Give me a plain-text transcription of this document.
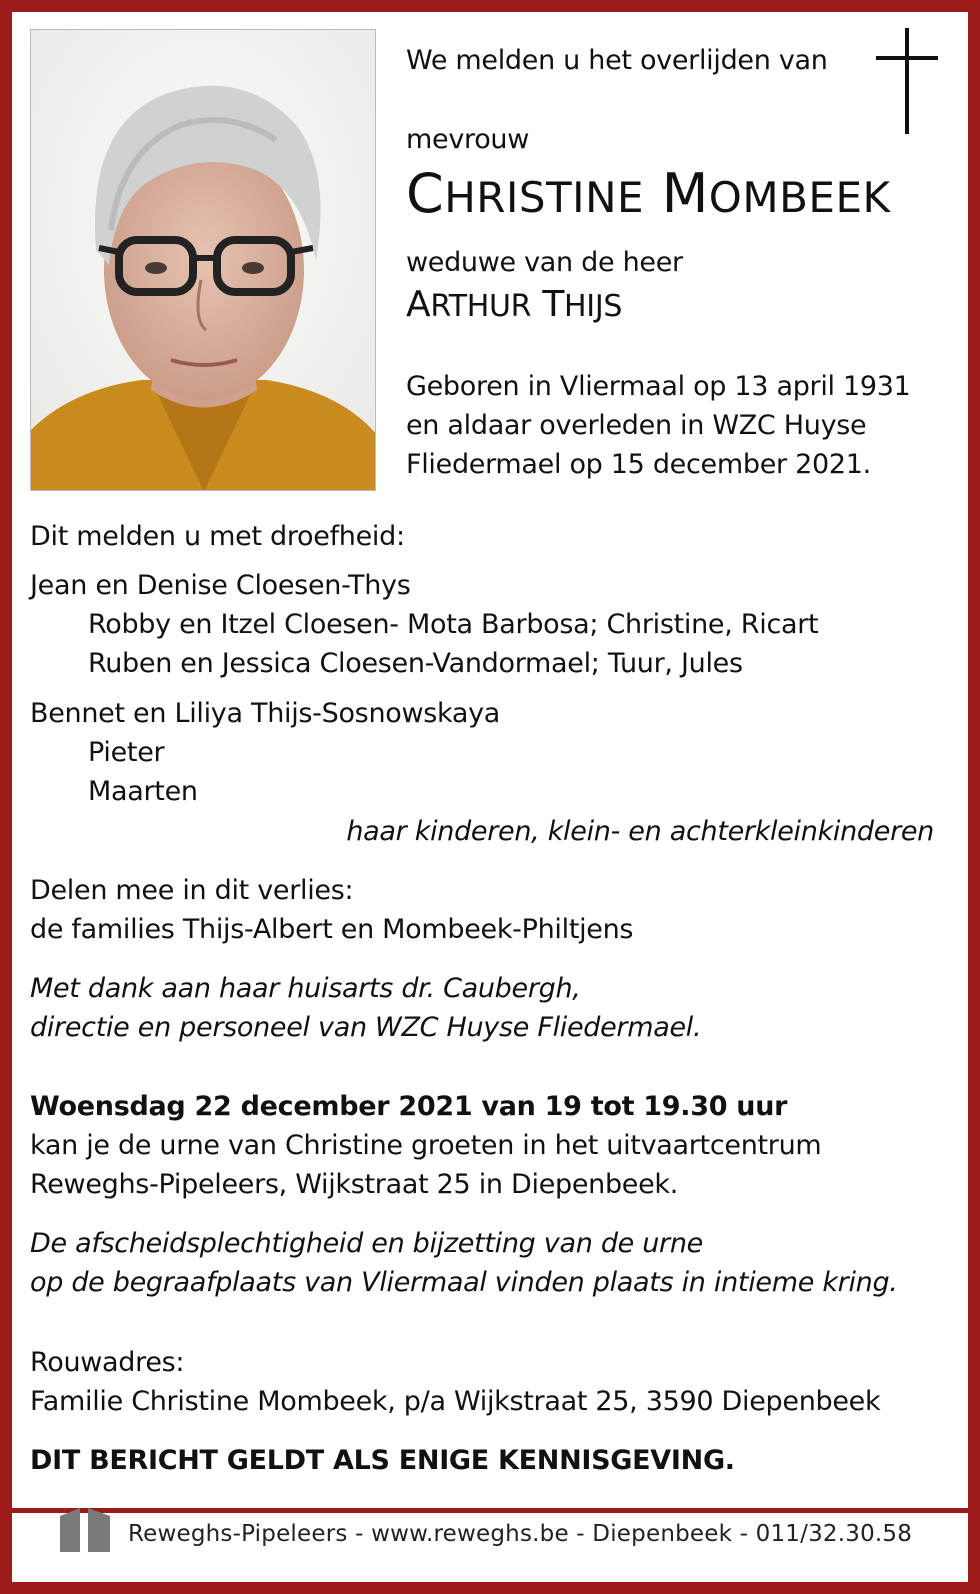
We melden u het overlijden van
mevrouw
CHRISTINE MOMBEEK
weduwe van de heer
ARTHUR THIJS
Geboren in Vliermaal op 13 april 1931
en aldaar overleden in WZC Huyse
Fliedermael op 15 december 2021.
Dit melden u met droefheid:
Jean en Denise Cloesen-Thys
Robby en Itzel Cloesen- Mota Barbosa; Christine, Ricart
Ruben en Jessica Cloesen-Vandormael; Tuur, Jules
Bennet en Liliya Thijs-Sosnowskaya
Pieter
Maarten
haar kinderen, klein- en achterkleinkinderen
Delen mee in dit verlies:
de families Thijs-Albert en Mombeek-Philtjens
Met dank aan haar huisarts dr. Caubergh,
directie en personeel van WZC Huyse Fliedermael.
Woensdag 22 december 2021 van 19 tot 19.30 uur
kan je de urne van Christine groeten in het uitvaartcentrum
Reweghs-Pipeleers, Wijkstraat 25 in Diepenbeek.
De afscheidsplechtigheid en bijzetting van de urne
op de begraafplaats van Vliermaal vinden plaats in intieme kring.
Rouwadres:
Familie Christine Mombeek, p/a Wijkstraat 25, 3590 Diepenbeek
DIT BERICHT GELDT ALS ENIGE KENNISGEVING.
Reweghs-Pipeleers - www.reweghs.be - Diepenbeek - 011/32.30.58
